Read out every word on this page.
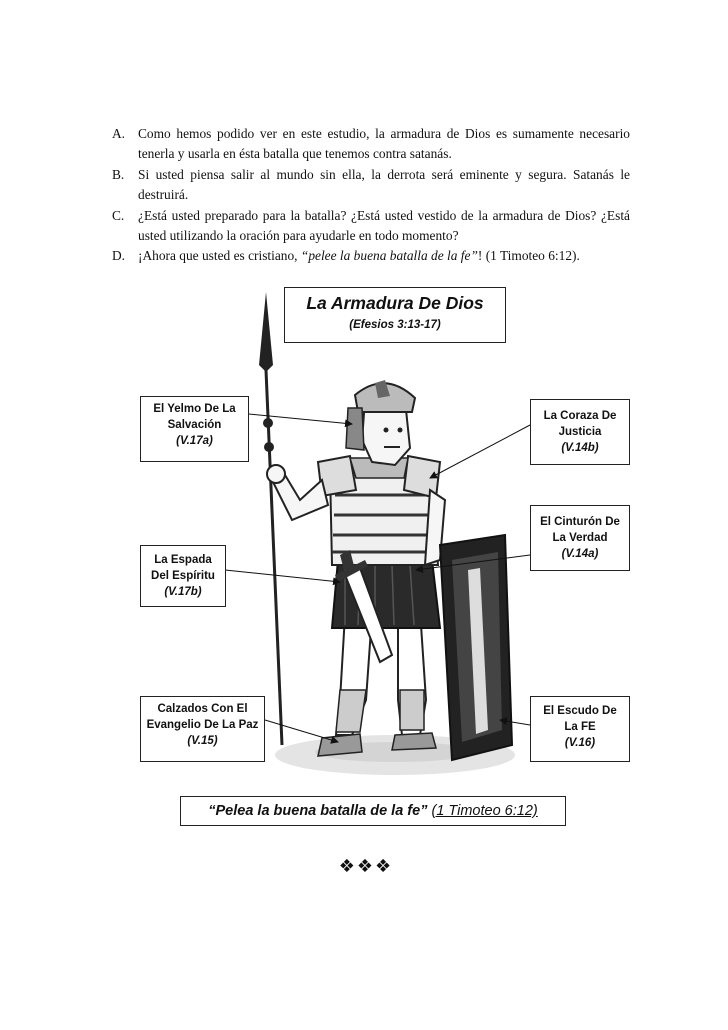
A. Como hemos podido ver en este estudio, la armadura de Dios es sumamente necesario tenerla y usarla en ésta batalla que tenemos contra satanás.
B. Si usted piensa salir al mundo sin ella, la derrota será eminente y segura. Satanás le destruirá.
C. ¿Está usted preparado para la batalla? ¿Está usted vestido de la armadura de Dios? ¿Está usted utilizando la oración para ayudarle en todo momento?
D. ¡Ahora que usted es cristiano, “pelee la buena batalla de la fe”! (1 Timoteo 6:12).
La Armadura De Dios
(Efesios 3:13-17)
El Yelmo De La
Salvación
(V.17a)
La Coraza De
Justicia
(V.14b)
El Cinturón De
La Verdad
(V.14a)
La Espada
Del Espíritu
(V.17b)
Calzados Con El
Evangelio De La Paz
(V.15)
El Escudo De
La FE
(V.16)
“Pelea la buena batalla de la fe” (1 Timoteo 6:12)
❖❖❖
